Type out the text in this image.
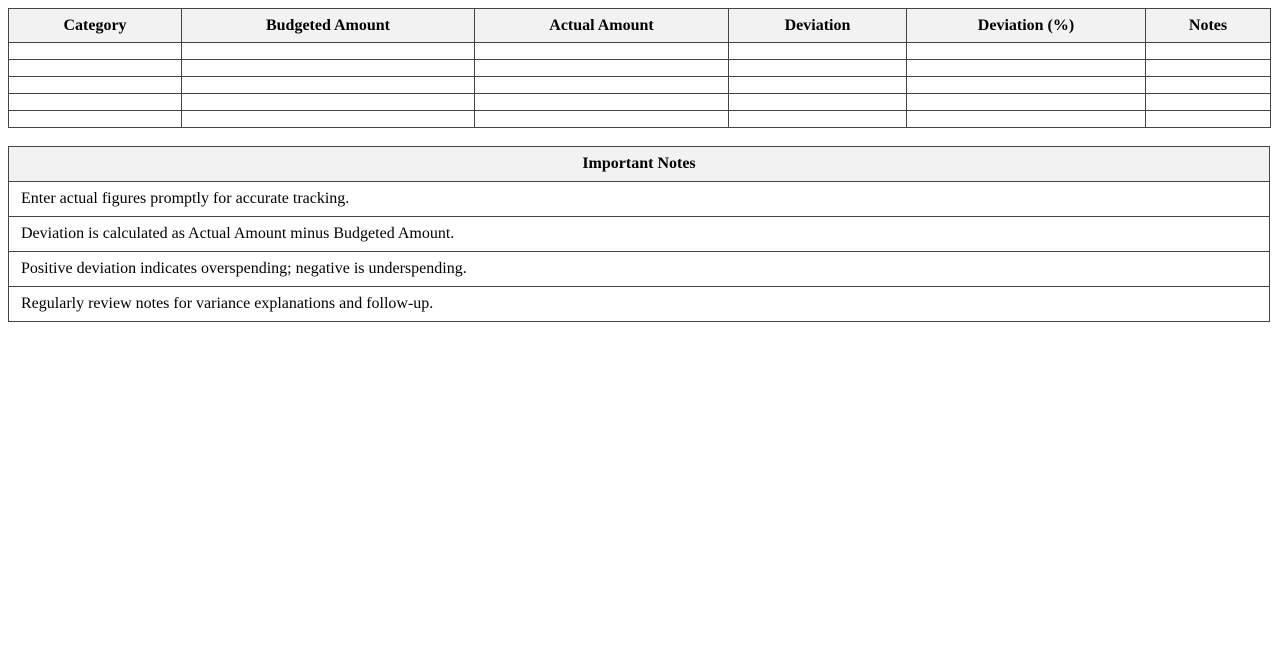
Category	Budgeted Amount	Actual Amount	Deviation	Deviation (%)	Notes

Important Notes
Enter actual figures promptly for accurate tracking.
Deviation is calculated as Actual Amount minus Budgeted Amount.
Positive deviation indicates overspending; negative is underspending.
Regularly review notes for variance explanations and follow-up.
